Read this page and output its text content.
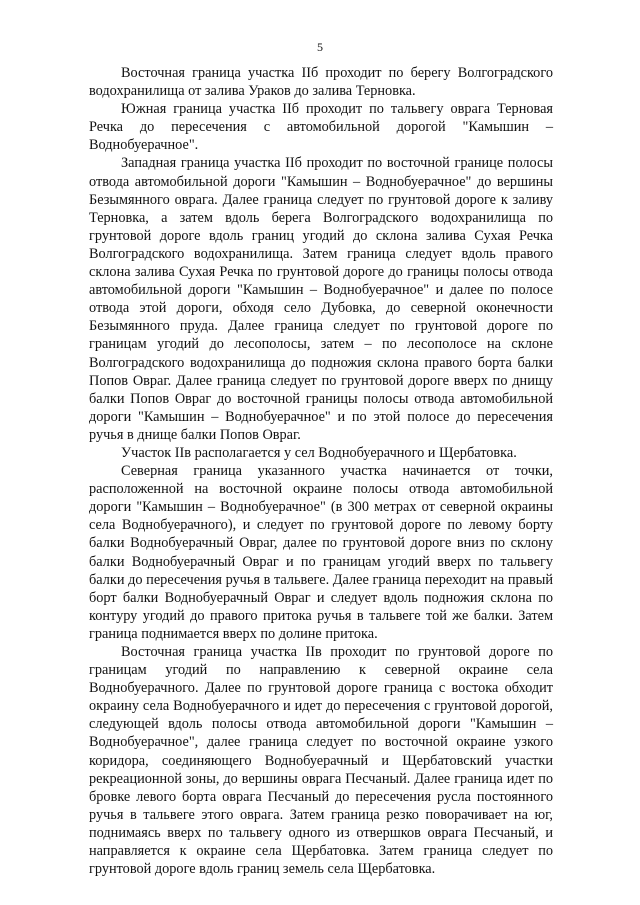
5

Восточная граница участка IIб проходит по берегу Волгоградского водохранилища от залива Ураков до залива Терновка.

Южная граница участка IIб проходит по тальвегу оврага Терновая Речка до пересечения с автомобильной дорогой "Камышин – Воднобуерачное".

Западная граница участка IIб проходит по восточной границе полосы отвода автомобильной дороги "Камышин – Воднобуерачное" до вершины Безымянного оврага. Далее граница следует по грунтовой дороге к заливу Терновка, а затем вдоль берега Волгоградского водохранилища по грунтовой дороге вдоль границ угодий до склона залива Сухая Речка Волгоградского водохранилища. Затем граница следует вдоль правого склона залива Сухая Речка по грунтовой дороге до границы полосы отвода автомобильной дороги "Камышин – Воднобуерачное" и далее по полосе отвода этой дороги, обходя село Дубовка, до северной оконечности Безымянного пруда. Далее граница следует по грунтовой дороге по границам угодий до лесополосы, затем – по лесополосе на склоне Волгоградского водохранилища до подножия склона правого борта балки Попов Овраг. Далее граница следует по грунтовой дороге вверх по днищу балки Попов Овраг до восточной границы полосы отвода автомобильной дороги "Камышин – Воднобуерачное" и по этой полосе до пересечения ручья в днище балки Попов Овраг.

Участок IIв располагается у сел Воднобуерачного и Щербатовка.

Северная граница указанного участка начинается от точки, расположенной на восточной окраине полосы отвода автомобильной дороги "Камышин – Воднобуерачное" (в 300 метрах от северной окраины села Воднобуерачного), и следует по грунтовой дороге по левому борту балки Воднобуерачный Овраг, далее по грунтовой дороге вниз по склону балки Воднобуерачный Овраг и по границам угодий вверх по тальвегу балки до пересечения ручья в тальвеге. Далее граница переходит на правый борт балки Воднобуерачный Овраг и следует вдоль подножия склона по контуру угодий до правого притока ручья в тальвеге той же балки. Затем граница поднимается вверх по долине притока.

Восточная граница участка IIв проходит по грунтовой дороге по границам угодий по направлению к северной окраине села Воднобуерачного. Далее по грунтовой дороге граница с востока обходит окраину села Воднобуерачного и идет до пересечения с грунтовой дорогой, следующей вдоль полосы отвода автомобильной дороги "Камышин – Воднобуерачное", далее граница следует по восточной окраине узкого коридора, соединяющего Воднобуерачный и Щербатовский участки рекреационной зоны, до вершины оврага Песчаный. Далее граница идет по бровке левого борта оврага Песчаный до пересечения русла постоянного ручья в тальвеге этого оврага. Затем граница резко поворачивает на юг, поднимаясь вверх по тальвегу одного из отвершков оврага Песчаный, и направляется к окраине села Щербатовка. Затем граница следует по грунтовой дороге вдоль границ земель села Щербатовка.
